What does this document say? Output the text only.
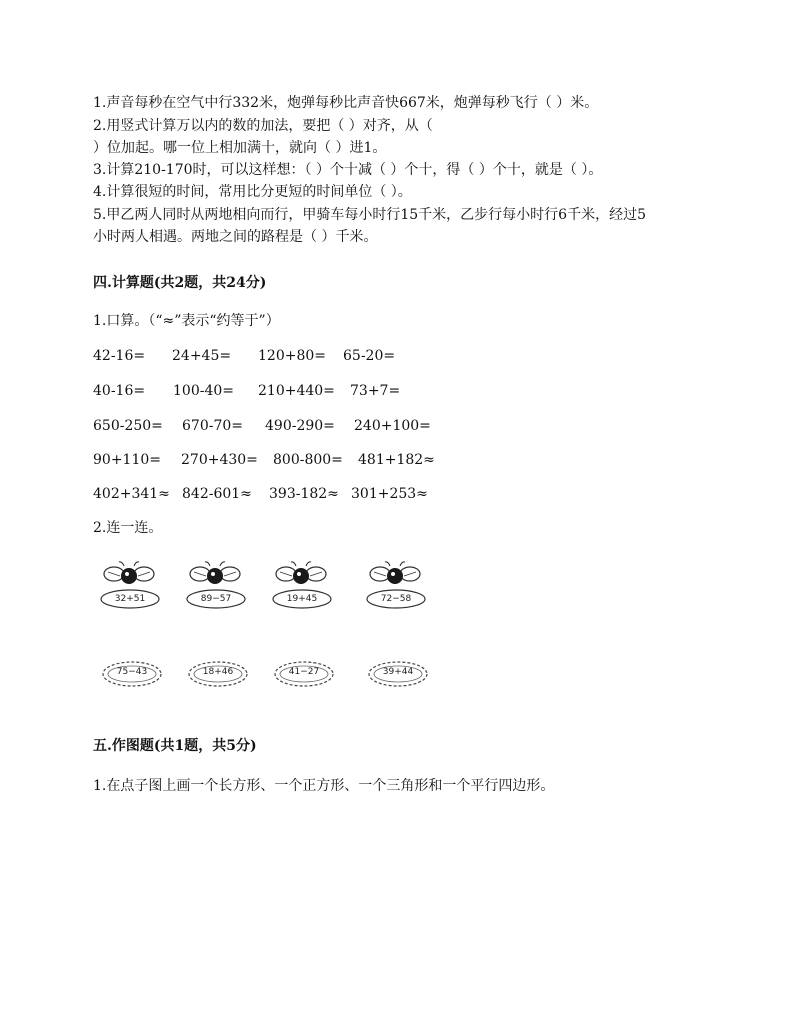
1.声音每秒在空气中行332米，炮弹每秒比声音快667米，炮弹每秒飞行（ ）米。
2.用竖式计算万以内的数的加法，要把（ ）对齐，从（
）位加起。哪一位上相加满十，就向（ ）进1。
3.计算210-170时，可以这样想：（ ）个十减（ ）个十，得（ ）个十，就是（ ）。
4.计算很短的时间，常用比分更短的时间单位（ ）。
5.甲乙两人同时从两地相向而行，甲骑车每小时行15千米，乙步行每小时行6千米，经过5
小时两人相遇。两地之间的路程是（ ）千米。
四.计算题(共2题，共24分)
1.口算。（“≈”表示“约等于”）
42-16= 24+45= 120+80= 65-20=
40-16= 100-40= 210+440= 73+7=
650-250= 670-70= 490-290= 240+100=
90+110= 270+430= 800-800= 481+182≈
402+341≈ 842-601≈ 393-182≈ 301+253≈
2.连一连。
32+51	89−57	19+45	72−58
75−43	18+46	41−27	39+44
五.作图题(共1题，共5分)
1.在点子图上画一个长方形、一个正方形、一个三角形和一个平行四边形。
